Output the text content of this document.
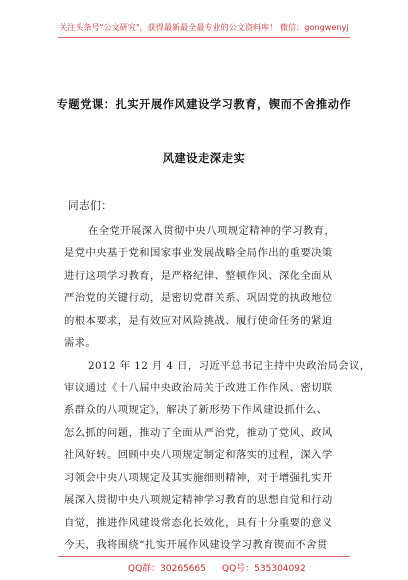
关注头条号"公文研究"，获得最新最全最专业的公文资料库！ 微信：gongwenyj
专题党课：扎实开展作风建设学习教育，锲而不舍推动作
风建设走深走实
同志们：
在全党开展深入贯彻中央八项规定精神的学习教育，
是党中央基于党和国家事业发展战略全局作出的重要决策
进行这项学习教育，是严格纪律、整顿作风、深化全面从
严治党的关键行动，是密切党群关系、巩固党的执政地位
的根本要求，是有效应对风险挑战、履行使命任务的紧迫
需求。
2012 年 12 月 4 日，习近平总书记主持中央政治局会议，
审议通过《十八届中央政治局关于改进工作作风、密切联
系群众的八项规定》，解决了新形势下作风建设抓什么、
怎么抓的问题，推动了全面从严治党，推动了党风、政风
社风好转。回顾中央八项规定制定和落实的过程，深入学
习领会中央八项规定及其实施细则精神，对于增强扎实开
展深入贯彻中央八项规定精神学习教育的思想自觉和行动
自觉，推进作风建设常态化长效化，具有十分重要的意义
今天，我将围绕“扎实开展作风建设学习教育锲而不舍贯
QQ群：30265665 QQ号：535304092
